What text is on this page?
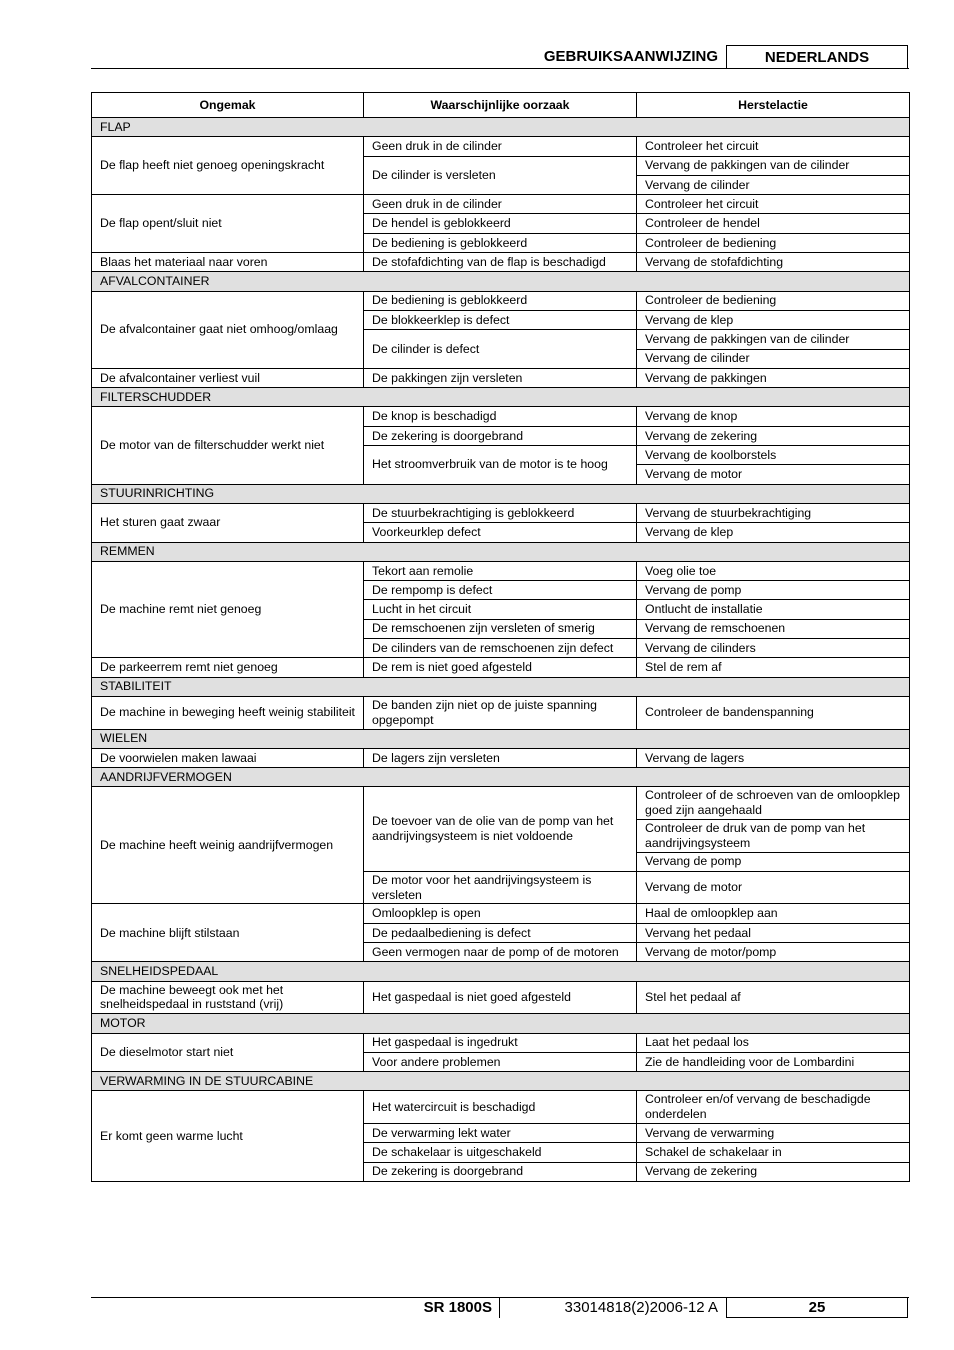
GEBRUIKSAANWIJZING	NEDERLANDS
Ongemak	Waarschijnlijke oorzaak	Herstelactie
FLAP		
De flap heeft niet genoeg openingskracht	Geen druk in de cilinder	Controleer het circuit
	De cilinder is versleten	Vervang de pakkingen van de cilinder
		Vervang de cilinder
De flap opent/sluit niet	Geen druk in de cilinder	Controleer het circuit
	De hendel is geblokkeerd	Controleer de hendel
	De bediening is geblokkeerd	Controleer de bediening
Blaas het materiaal naar voren	De stofafdichting van de flap is beschadigd	Vervang de stofafdichting
AFVALCONTAINER		
De afvalcontainer gaat niet omhoog/omlaag	De bediening is geblokkeerd	Controleer de bediening
	De blokkeerklep is defect	Vervang de klep
	De cilinder is defect	Vervang de pakkingen van de cilinder
		Vervang de cilinder
De afvalcontainer verliest vuil	De pakkingen zijn versleten	Vervang de pakkingen
FILTERSCHUDDER		
De motor van de filterschudder werkt niet	De knop is beschadigd	Vervang de knop
	De zekering is doorgebrand	Vervang de zekering
	Het stroomverbruik van de motor is te hoog	Vervang de koolborstels
		Vervang de motor
STUURINRICHTING		
Het sturen gaat zwaar	De stuurbekrachtiging is geblokkeerd	Vervang de stuurbekrachtiging
	Voorkeurklep defect	Vervang de klep
REMMEN		
De machine remt niet genoeg	Tekort aan remolie	Voeg olie toe
	De rempomp is defect	Vervang de pomp
	Lucht in het circuit	Ontlucht de installatie
	De remschoenen zijn versleten of smerig	Vervang de remschoenen
	De cilinders van de remschoenen zijn defect	Vervang de cilinders
De parkeerrem remt niet genoeg	De rem is niet goed afgesteld	Stel de rem af
STABILITEIT		
De machine in beweging heeft weinig stabiliteit	De banden zijn niet op de juiste spanning opgepompt	Controleer de bandenspanning
WIELEN		
De voorwielen maken lawaai	De lagers zijn versleten	Vervang de lagers
AANDRIJFVERMOGEN		
De machine heeft weinig aandrijfvermogen	De toevoer van de olie van de pomp van het aandrijvingsysteem is niet voldoende	Controleer of de schroeven van de omloopklep goed zijn aangehaald
		Controleer de druk van de pomp van het aandrijvingsysteem
		Vervang de pomp
	De motor voor het aandrijvingsysteem is versleten	Vervang de motor
De machine blijft stilstaan	Omloopklep is open	Haal de omloopklep aan
	De pedaalbediening is defect	Vervang het pedaal
	Geen vermogen naar de pomp of de motoren	Vervang de motor/pomp
SNELHEIDSPEDAAL		
De machine beweegt ook met het snelheidspedaal in ruststand (vrij)	Het gaspedaal is niet goed afgesteld	Stel het pedaal af
MOTOR		
De dieselmotor start niet	Het gaspedaal is ingedrukt	Laat het pedaal los
	Voor andere problemen	Zie de handleiding voor de Lombardini
VERWARMING IN DE STUURCABINE		
Er komt geen warme lucht	Het watercircuit is beschadigd	Controleer en/of vervang de beschadigde onderdelen
	De verwarming lekt water	Vervang de verwarming
	De schakelaar is uitgeschakeld	Schakel de schakelaar in
	De zekering is doorgebrand	Vervang de zekering
SR 1800S	33014818(2)2006-12 A	25
